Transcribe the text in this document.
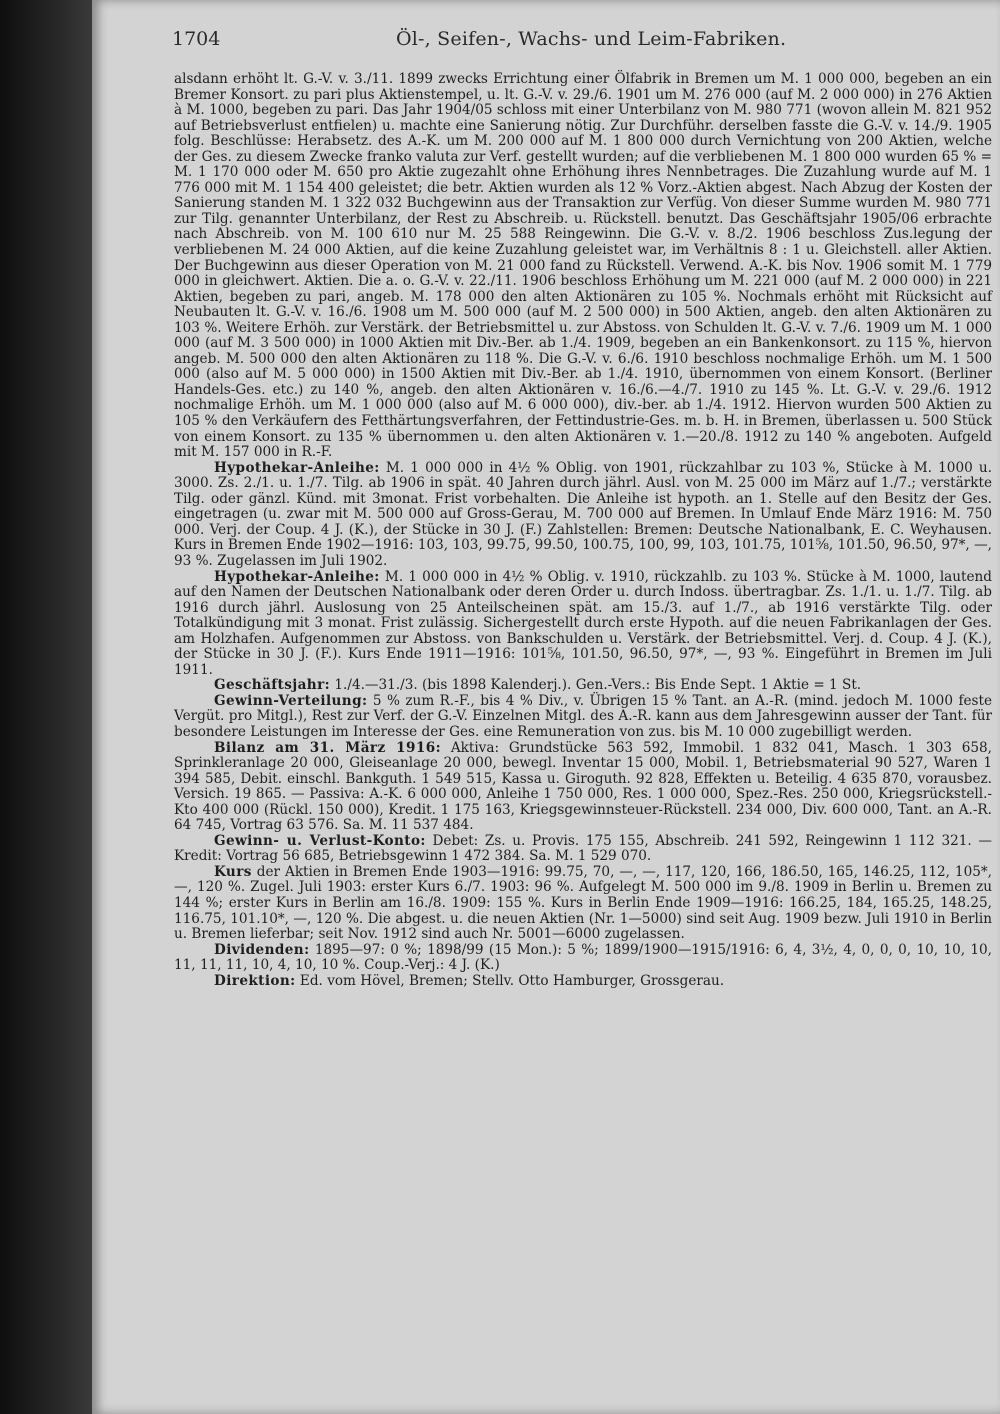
1704	Öl-, Seifen-, Wachs- und Leim-Fabriken.

alsdann erhöht lt. G.-V. v. 3./11. 1899 zwecks Errichtung einer Ölfabrik in Bremen um M. 1 000 000, begeben an ein Bremer Konsort. zu pari plus Aktienstempel, u. lt. G.-V. v. 29./6. 1901 um M. 276 000 (auf M. 2 000 000) in 276 Aktien à M. 1000, begeben zu pari. Das Jahr 1904/05 schloss mit einer Unterbilanz von M. 980 771 (wovon allein M. 821 952 auf Betriebsverlust entfielen) u. machte eine Sanierung nötig. Zur Durchführ. derselben fasste die G.-V. v. 14./9. 1905 folg. Beschlüsse: Herabsetz. des A.-K. um M. 200 000 auf M. 1 800 000 durch Vernichtung von 200 Aktien, welche der Ges. zu diesem Zwecke franko valuta zur Verf. gestellt wurden; auf die verbliebenen M. 1 800 000 wurden 65 % = M. 1 170 000 oder M. 650 pro Aktie zugezahlt ohne Erhöhung ihres Nennbetrages. Die Zuzahlung wurde auf M. 1 776 000 mit M. 1 154 400 geleistet; die betr. Aktien wurden als 12 % Vorz.-Aktien abgest. Nach Abzug der Kosten der Sanierung standen M. 1 322 032 Buchgewinn aus der Transaktion zur Verfüg. Von dieser Summe wurden M. 980 771 zur Tilg. genannter Unterbilanz, der Rest zu Abschreib. u. Rückstell. benutzt. Das Geschäftsjahr 1905/06 erbrachte nach Abschreib. von M. 100 610 nur M. 25 588 Reingewinn. Die G.-V. v. 8./2. 1906 beschloss Zus.legung der verbliebenen M. 24 000 Aktien, auf die keine Zuzahlung geleistet war, im Verhältnis 8 : 1 u. Gleichstell. aller Aktien. Der Buchgewinn aus dieser Operation von M. 21 000 fand zu Rückstell. Verwend. A.-K. bis Nov. 1906 somit M. 1 779 000 in gleichwert. Aktien. Die a. o. G.-V. v. 22./11. 1906 beschloss Erhöhung um M. 221 000 (auf M. 2 000 000) in 221 Aktien, begeben zu pari, angeb. M. 178 000 den alten Aktionären zu 105 %. Nochmals erhöht mit Rücksicht auf Neubauten lt. G.-V. v. 16./6. 1908 um M. 500 000 (auf M. 2 500 000) in 500 Aktien, angeb. den alten Aktionären zu 103 %. Weitere Erhöh. zur Verstärk. der Betriebsmittel u. zur Abstoss. von Schulden lt. G.-V. v. 7./6. 1909 um M. 1 000 000 (auf M. 3 500 000) in 1000 Aktien mit Div.-Ber. ab 1./4. 1909, begeben an ein Bankenkonsort. zu 115 %, hiervon angeb. M. 500 000 den alten Aktionären zu 118 %. Die G.-V. v. 6./6. 1910 beschloss nochmalige Erhöh. um M. 1 500 000 (also auf M. 5 000 000) in 1500 Aktien mit Div.-Ber. ab 1./4. 1910, übernommen von einem Konsort. (Berliner Handels-Ges. etc.) zu 140 %, angeb. den alten Aktionären v. 16./6.—4./7. 1910 zu 145 %. Lt. G.-V. v. 29./6. 1912 nochmalige Erhöh. um M. 1 000 000 (also auf M. 6 000 000), div.-ber. ab 1./4. 1912. Hiervon wurden 500 Aktien zu 105 % den Verkäufern des Fetthärtungsverfahren, der Fettindustrie-Ges. m. b. H. in Bremen, überlassen u. 500 Stück von einem Konsort. zu 135 % übernommen u. den alten Aktionären v. 1.—20./8. 1912 zu 140 % angeboten. Aufgeld mit M. 157 000 in R.-F.

Hypothekar-Anleihe: M. 1 000 000 in 4½ % Oblig. von 1901, rückzahlbar zu 103 %, Stücke à M. 1000 u. 3000. Zs. 2./1. u. 1./7. Tilg. ab 1906 in spät. 40 Jahren durch jährl. Ausl. von M. 25 000 im März auf 1./7.; verstärkte Tilg. oder gänzl. Künd. mit 3monat. Frist vorbehalten. Die Anleihe ist hypoth. an 1. Stelle auf den Besitz der Ges. eingetragen (u. zwar mit M. 500 000 auf Gross-Gerau, M. 700 000 auf Bremen. In Umlauf Ende März 1916: M. 750 000. Verj. der Coup. 4 J. (K.), der Stücke in 30 J. (F.) Zahlstellen: Bremen: Deutsche Nationalbank, E. C. Weyhausen. Kurs in Bremen Ende 1902—1916: 103, 103, 99.75, 99.50, 100.75, 100, 99, 103, 101.75, 101⅝, 101.50, 96.50, 97*, —, 93 %. Zugelassen im Juli 1902.

Hypothekar-Anleihe: M. 1 000 000 in 4½ % Oblig. v. 1910, rückzahlb. zu 103 %. Stücke à M. 1000, lautend auf den Namen der Deutschen Nationalbank oder deren Order u. durch Indoss. übertragbar. Zs. 1./1. u. 1./7. Tilg. ab 1916 durch jährl. Auslosung von 25 Anteilscheinen spät. am 15./3. auf 1./7., ab 1916 verstärkte Tilg. oder Totalkündigung mit 3 monat. Frist zulässig. Sichergestellt durch erste Hypoth. auf die neuen Fabrikanlagen der Ges. am Holzhafen. Aufgenommen zur Abstoss. von Bankschulden u. Verstärk. der Betriebsmittel. Verj. d. Coup. 4 J. (K.), der Stücke in 30 J. (F.). Kurs Ende 1911—1916: 101⅝, 101.50, 96.50, 97*, —, 93 %. Eingeführt in Bremen im Juli 1911.

Geschäftsjahr: 1./4.—31./3. (bis 1898 Kalenderj.). Gen.-Vers.: Bis Ende Sept. 1 Aktie = 1 St.

Gewinn-Verteilung: 5 % zum R.-F., bis 4 % Div., v. Übrigen 15 % Tant. an A.-R. (mind. jedoch M. 1000 feste Vergüt. pro Mitgl.), Rest zur Verf. der G.-V. Einzelnen Mitgl. des A.-R. kann aus dem Jahresgewinn ausser der Tant. für besondere Leistungen im Interesse der Ges. eine Remuneration von zus. bis M. 10 000 zugebilligt werden.

Bilanz am 31. März 1916: Aktiva: Grundstücke 563 592, Immobil. 1 832 041, Masch. 1 303 658, Sprinkleranlage 20 000, Gleiseanlage 20 000, bewegl. Inventar 15 000, Mobil. 1, Betriebsmaterial 90 527, Waren 1 394 585, Debit. einschl. Bankguth. 1 549 515, Kassa u. Giroguth. 92 828, Effekten u. Beteilig. 4 635 870, vorausbez. Versich. 19 865. — Passiva: A.-K. 6 000 000, Anleihe 1 750 000, Res. 1 000 000, Spez.-Res. 250 000, Kriegsrückstell.-Kto 400 000 (Rückl. 150 000), Kredit. 1 175 163, Kriegsgewinnsteuer-Rückstell. 234 000, Div. 600 000, Tant. an A.-R. 64 745, Vortrag 63 576. Sa. M. 11 537 484.

Gewinn- u. Verlust-Konto: Debet: Zs. u. Provis. 175 155, Abschreib. 241 592, Reingewinn 1 112 321. — Kredit: Vortrag 56 685, Betriebsgewinn 1 472 384. Sa. M. 1 529 070.

Kurs der Aktien in Bremen Ende 1903—1916: 99.75, 70, —, —, 117, 120, 166, 186.50, 165, 146.25, 112, 105*, —, 120 %. Zugel. Juli 1903: erster Kurs 6./7. 1903: 96 %. Aufgelegt M. 500 000 im 9./8. 1909 in Berlin u. Bremen zu 144 %; erster Kurs in Berlin am 16./8. 1909: 155 %. Kurs in Berlin Ende 1909—1916: 166.25, 184, 165.25, 148.25, 116.75, 101.10*, —, 120 %. Die abgest. u. die neuen Aktien (Nr. 1—5000) sind seit Aug. 1909 bezw. Juli 1910 in Berlin u. Bremen lieferbar; seit Nov. 1912 sind auch Nr. 5001—6000 zugelassen.

Dividenden: 1895—97: 0 %; 1898/99 (15 Mon.): 5 %; 1899/1900—1915/1916: 6, 4, 3½, 4, 0, 0, 0, 10, 10, 10, 11, 11, 11, 10, 4, 10, 10 %. Coup.-Verj.: 4 J. (K.)

Direktion: Ed. vom Hövel, Bremen; Stellv. Otto Hamburger, Grossgerau.
